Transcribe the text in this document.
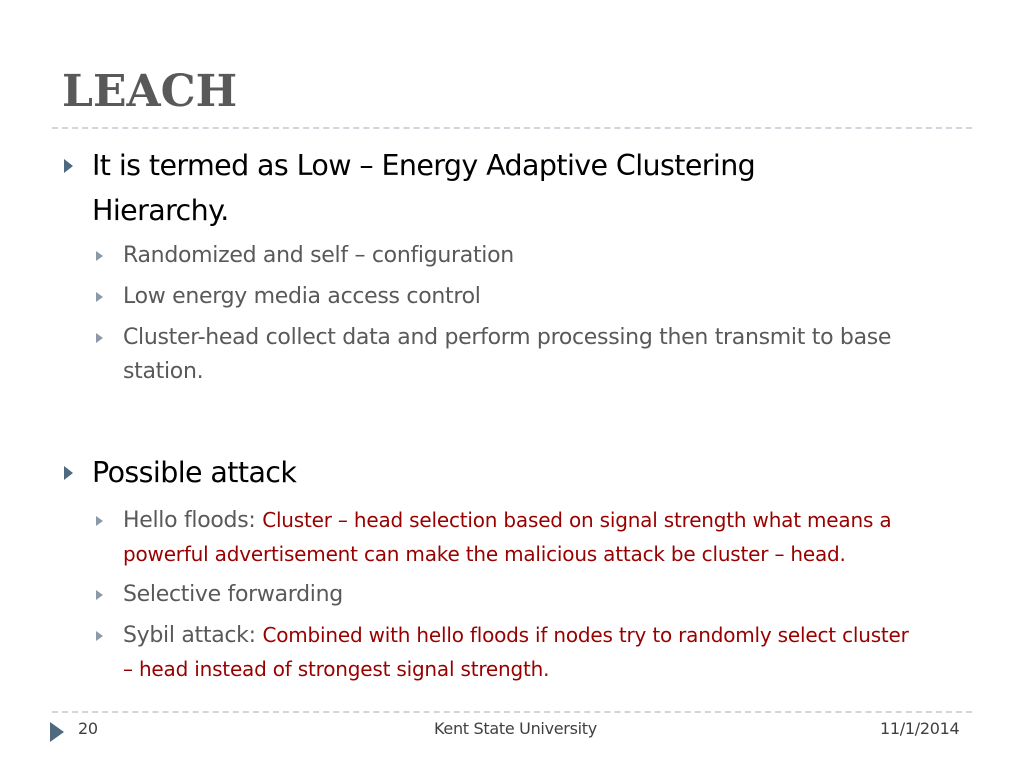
LEACH
It is termed as Low – Energy Adaptive Clustering
Hierarchy.
Randomized and self – configuration
Low energy media access control
Cluster-head collect data and perform processing then transmit to base
station.
Possible attack
Hello floods: Cluster – head selection based on signal strength what means a
powerful advertisement can make the malicious attack be cluster – head.
Selective forwarding
Sybil attack: Combined with hello floods if nodes try to randomly select cluster
– head instead of strongest signal strength.
20	Kent State University	11/1/2014
